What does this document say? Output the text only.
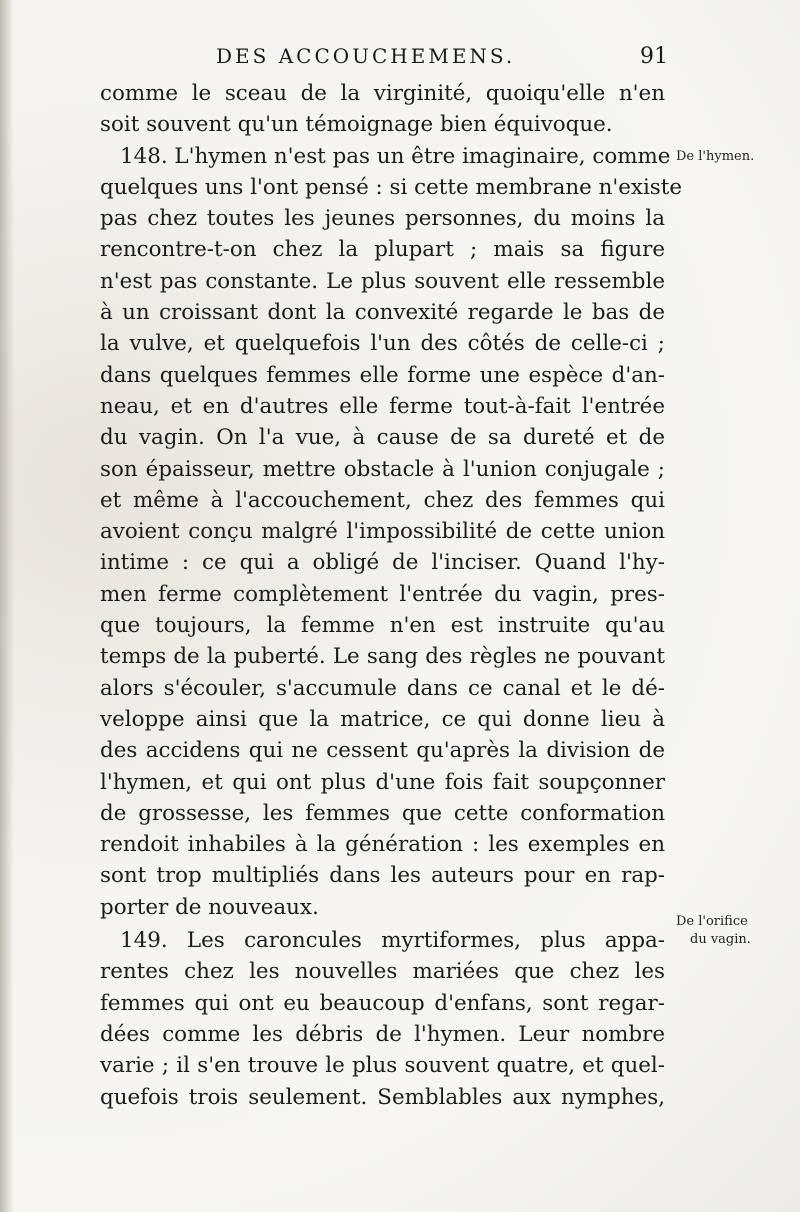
DES ACCOUCHEMENS.	91
comme le sceau de la virginité, quoiqu'elle n'en
soit souvent qu'un témoignage bien équivoque.
148. L'hymen n'est pas un être imaginaire, comme
quelques uns l'ont pensé : si cette membrane n'existe
pas chez toutes les jeunes personnes, du moins la
rencontre-t-on chez la plupart ; mais sa figure
n'est pas constante. Le plus souvent elle ressemble
à un croissant dont la convexité regarde le bas de
la vulve, et quelquefois l'un des côtés de celle-ci ;
dans quelques femmes elle forme une espèce d'an-
neau, et en d'autres elle ferme tout-à-fait l'entrée
du vagin. On l'a vue, à cause de sa dureté et de
son épaisseur, mettre obstacle à l'union conjugale ;
et même à l'accouchement, chez des femmes qui
avoient conçu malgré l'impossibilité de cette union
intime : ce qui a obligé de l'inciser. Quand l'hy-
men ferme complètement l'entrée du vagin, pres-
que toujours, la femme n'en est instruite qu'au
temps de la puberté. Le sang des règles ne pouvant
alors s'écouler, s'accumule dans ce canal et le dé-
veloppe ainsi que la matrice, ce qui donne lieu à
des accidens qui ne cessent qu'après la division de
l'hymen, et qui ont plus d'une fois fait soupçonner
de grossesse, les femmes que cette conformation
rendoit inhabiles à la génération : les exemples en
sont trop multipliés dans les auteurs pour en rap-
porter de nouveaux.
149. Les caroncules myrtiformes, plus appa-
rentes chez les nouvelles mariées que chez les
femmes qui ont eu beaucoup d'enfans, sont regar-
dées comme les débris de l'hymen. Leur nombre
varie ; il s'en trouve le plus souvent quatre, et quel-
quefois trois seulement. Semblables aux nymphes,
De l'hymen.
De l'orifice
du vagin.
